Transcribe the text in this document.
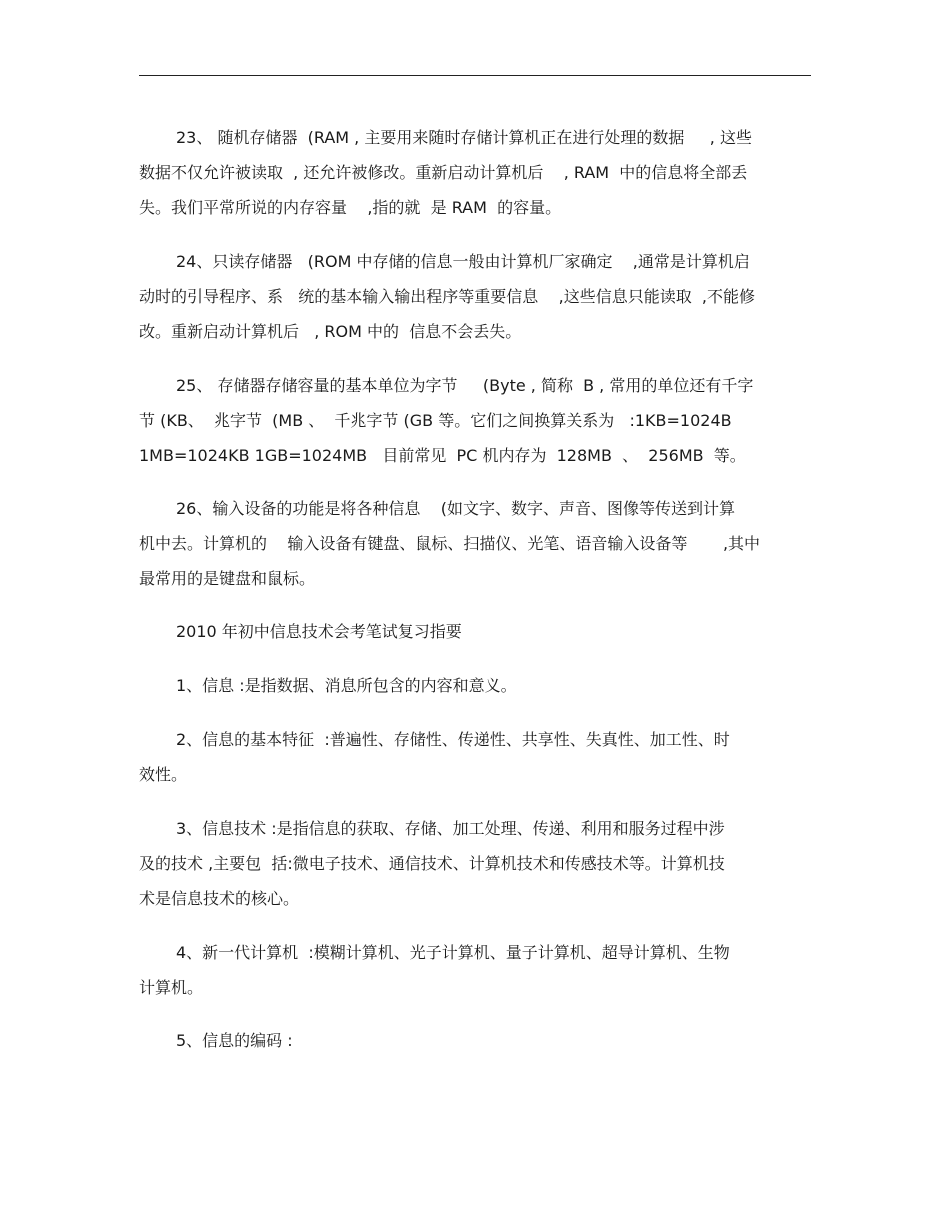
23、 随机存储器  (RAM , 主要用来随时存储计算机正在进行处理的数据     , 这些
数据不仅允许被读取  , 还允许被修改。重新启动计算机后    , RAM  中的信息将全部丢
失。我们平常所说的内存容量    ,指的就  是 RAM  的容量。
24、只读存储器   (ROM 中存储的信息一般由计算机厂家确定    ,通常是计算机启
动时的引导程序、系   统的基本输入输出程序等重要信息    ,这些信息只能读取  ,不能修
改。重新启动计算机后   , ROM 中的  信息不会丢失。
25、 存储器存储容量的基本单位为字节     (Byte , 简称  B , 常用的单位还有千字
节 (KB、  兆字节  (MB 、  千兆字节 (GB 等。它们之间换算关系为   :1KB=1024B
1MB=1024KB 1GB=1024MB   目前常见  PC 机内存为  128MB  、  256MB  等。
26、输入设备的功能是将各种信息    (如文字、数字、声音、图像等传送到计算
机中去。计算机的    输入设备有键盘、鼠标、扫描仪、光笔、语音输入设备等       ,其中
最常用的是键盘和鼠标。
2010 年初中信息技术会考笔试复习指要
1、信息 :是指数据、消息所包含的内容和意义。
2、信息的基本特征  :普遍性、存储性、传递性、共享性、失真性、加工性、时
效性。
3、信息技术 :是指信息的获取、存储、加工处理、传递、利用和服务过程中涉
及的技术 ,主要包  括:微电子技术、通信技术、计算机技术和传感技术等。计算机技
术是信息技术的核心。
4、新一代计算机  :模糊计算机、光子计算机、量子计算机、超导计算机、生物
计算机。
5、信息的编码 :
